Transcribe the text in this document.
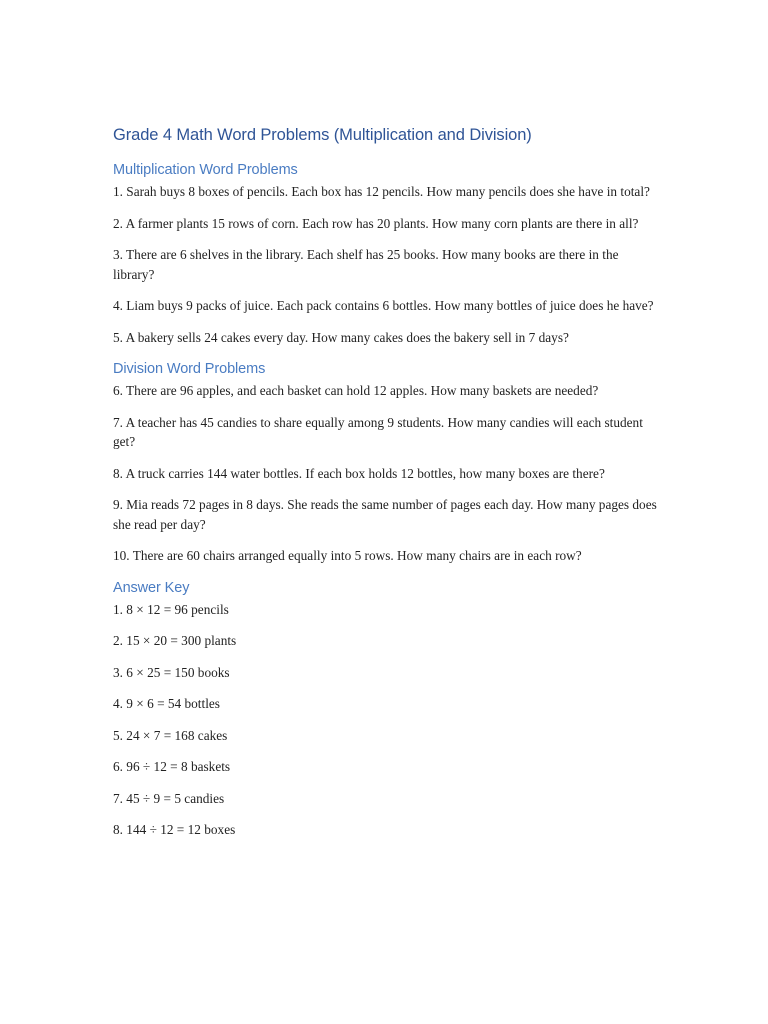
Grade 4 Math Word Problems (Multiplication and Division)
Multiplication Word Problems

1. Sarah buys 8 boxes of pencils. Each box has 12 pencils. How many pencils does she have in total?

2. A farmer plants 15 rows of corn. Each row has 20 plants. How many corn plants are there in all?

3. There are 6 shelves in the library. Each shelf has 25 books. How many books are there in the library?

4. Liam buys 9 packs of juice. Each pack contains 6 bottles. How many bottles of juice does he have?

5. A bakery sells 24 cakes every day. How many cakes does the bakery sell in 7 days?

Division Word Problems

6. There are 96 apples, and each basket can hold 12 apples. How many baskets are needed?

7. A teacher has 45 candies to share equally among 9 students. How many candies will each student get?

8. A truck carries 144 water bottles. If each box holds 12 bottles, how many boxes are there?

9. Mia reads 72 pages in 8 days. She reads the same number of pages each day. How many pages does she read per day?

10. There are 60 chairs arranged equally into 5 rows. How many chairs are in each row?

Answer Key

1. 8 × 12 = 96 pencils

2. 15 × 20 = 300 plants

3. 6 × 25 = 150 books

4. 9 × 6 = 54 bottles

5. 24 × 7 = 168 cakes

6. 96 ÷ 12 = 8 baskets

7. 45 ÷ 9 = 5 candies

8. 144 ÷ 12 = 12 boxes
